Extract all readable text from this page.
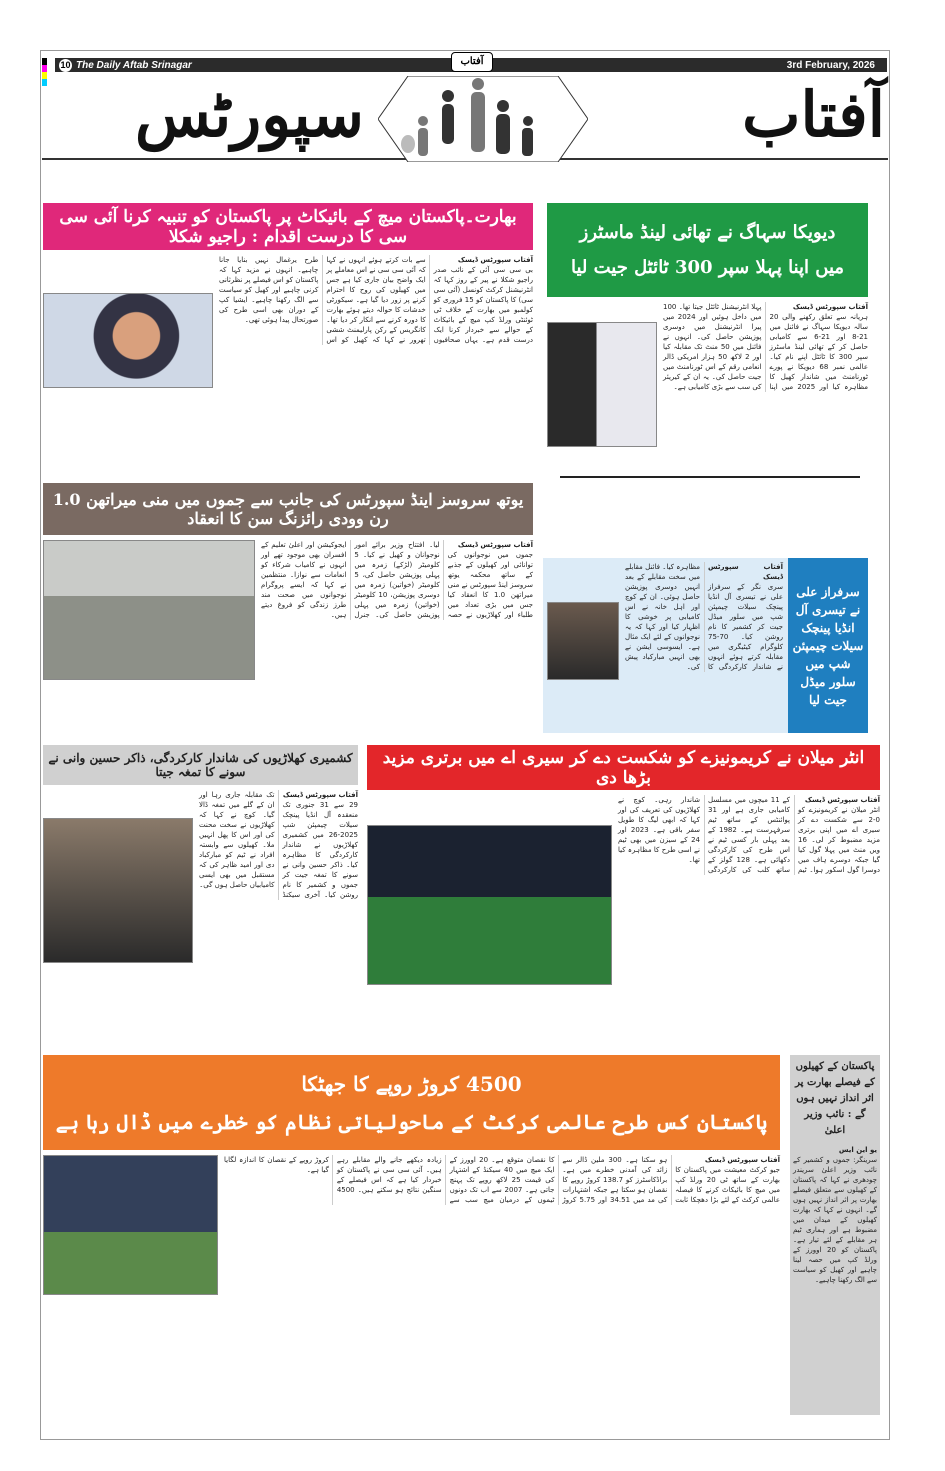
10 The Daily Aftab Srinagar	3rd February, 2026
آفتاب
آفتاب
سپورٹس
بھارت۔پاکستان میچ کے بائیکاٹ پر پاکستان کو تنبیہ کرنا آئی سی سی کا درست اقدام : راجیو شکلا
آفتاب سپورٹس ڈیسک
بی سی سی آئی کے نائب صدر راجیو شکلا نے پیر کے روز کہا کہ انٹرنیشنل کرکٹ کونسل (آئی سی سی) کا پاکستان کو 15 فروری کو کولمبو میں بھارت کے خلاف ٹی ٹوئنٹی ورلڈ کپ میچ کے بائیکاٹ کے حوالے سے خبردار کرنا ایک درست قدم ہے۔ یہاں صحافیوں سے بات کرتے ہوئے انہوں نے کہا کہ آئی سی سی نے اس معاملے پر ایک واضح بیان جاری کیا ہے جس میں کھیلوں کی روح کا احترام کرنے پر زور دیا گیا ہے۔ سیکورٹی خدشات کا حوالہ دیتے ہوئے بھارت کا دورہ کرنے سے انکار کر دیا تھا۔ کانگریس کے رکن پارلیمنٹ ششی تھرور نے کہا کہ کھیل کو اس طرح یرغمال نہیں بنایا جانا چاہیے۔ انہوں نے مزید کہا کہ پاکستان کو اس فیصلے پر نظرثانی کرنی چاہیے اور کھیل کو سیاست سے الگ رکھنا چاہیے۔ ایشیا کپ کے دوران بھی اسی طرح کی صورتحال پیدا ہوئی تھی۔
دیویکا سہاگ نے تھائی لینڈ ماسٹرز
میں اپنا پہلا سپر 300 ٹائٹل جیت لیا
آفتاب سپورٹس ڈیسک
ہریانہ سے تعلق رکھنے والی 20 سالہ دیویکا سہاگ نے فائنل میں 21-8 اور 21-6 سے کامیابی حاصل کر کے تھائی لینڈ ماسٹرز سپر 300 کا ٹائٹل اپنے نام کیا۔ عالمی نمبر 68 دیویکا نے پورے ٹورنامنٹ میں شاندار کھیل کا مظاہرہ کیا اور 2025 میں اپنا پہلا انٹرنیشنل ٹائٹل جیتا تھا۔ 100 میں داخل ہوئیں اور 2024 میں پیرا انٹرنیشنل میں دوسری پوزیشن حاصل کی۔ انہوں نے فائنل میں 50 منٹ تک مقابلہ کیا اور 2 لاکھ 50 ہزار امریکی ڈالر انعامی رقم کے اس ٹورنامنٹ میں جیت حاصل کی۔ یہ ان کے کیریئر کی سب سے بڑی کامیابی ہے۔
یوتھ سروسز اینڈ سپورٹس کی جانب سے جموں میں منی میراتھن 1.0 رن وودی رائزنگ سن کا انعقاد
آفتاب سپورٹس ڈیسک
جموں میں نوجوانوں کی توانائی اور کھیلوں کے جذبے کے ساتھ محکمہ یوتھ سروسز اینڈ سپورٹس نے منی میراتھن 1.0 کا انعقاد کیا جس میں بڑی تعداد میں طلباء اور کھلاڑیوں نے حصہ لیا۔ افتتاح وزیر برائے امور نوجوانان و کھیل نے کیا۔ 5 کلومیٹر (لڑکے) زمرہ میں پہلی پوزیشن حاصل کی، 5 کلومیٹر (خواتین) زمرہ میں دوسری پوزیشن، 10 کلومیٹر (خواتین) زمرہ میں پہلی پوزیشن حاصل کی۔ جنرل ایجوکیشن اور اعلیٰ تعلیم کے افسران بھی موجود تھے اور انہوں نے کامیاب شرکاء کو انعامات سے نوازا۔ منتظمین نے کہا کہ ایسے پروگرام نوجوانوں میں صحت مند طرز زندگی کو فروغ دیتے ہیں۔
سرفراز علی نے تیسری آل انڈیا پینچک سیلات چیمپئن شپ میں سلور میڈل جیت لیا
آفتاب سپورٹس ڈیسک
سری نگر کے سرفراز علی نے تیسری آل انڈیا پینچک سیلات چیمپئن شپ میں سلور میڈل جیت کر کشمیر کا نام روشن کیا۔ 70-75 کلوگرام کیٹیگری میں مقابلہ کرتے ہوئے انہوں نے شاندار کارکردگی کا مظاہرہ کیا۔ فائنل مقابلے میں سخت مقابلے کے بعد انہیں دوسری پوزیشن حاصل ہوئی۔ ان کے کوچ اور اہل خانہ نے اس کامیابی پر خوشی کا اظہار کیا اور کہا کہ یہ نوجوانوں کے لئے ایک مثال ہے۔ ایسوسی ایشن نے بھی انہیں مبارکباد پیش کی۔
کشمیری کھلاڑیوں کی شاندار کارکردگی، ذاکر حسین وانی نے سونے کا تمغہ جیتا
آفتاب سپورٹس ڈیسک
29 سے 31 جنوری تک منعقدہ آل انڈیا پینچک سیلات چیمپئن شپ 2025-26 میں کشمیری کھلاڑیوں نے شاندار کارکردگی کا مظاہرہ کیا۔ ذاکر حسین وانی نے سونے کا تمغہ جیت کر جموں و کشمیر کا نام روشن کیا۔ آخری سیکنڈ تک مقابلہ جاری رہا اور ان کے گلے میں تمغہ ڈالا گیا۔ کوچ نے کہا کہ کھلاڑیوں نے سخت محنت کی اور اس کا پھل انہیں ملا۔ کھیلوں سے وابستہ افراد نے ٹیم کو مبارکباد دی اور امید ظاہر کی کہ مستقبل میں بھی ایسی کامیابیاں حاصل ہوں گی۔
انٹر میلان نے کریمونیزے کو شکست دے کر سیری اے میں برتری مزید بڑھا دی
آفتاب سپورٹس ڈیسک
انٹر میلان نے کریمونیزے کو 0-2 سے شکست دے کر سیری اے میں اپنی برتری مزید مضبوط کر لی۔ 16 ویں منٹ میں پہلا گول کیا گیا جبکہ دوسرے ہاف میں دوسرا گول اسکور ہوا۔ ٹیم کے 11 میچوں میں مسلسل کامیابی جاری ہے اور 31 پوائنٹس کے ساتھ ٹیم سرفہرست ہے۔ 1982 کے بعد پہلی بار کسی ٹیم نے اس طرح کی کارکردگی دکھائی ہے۔ 128 گولز کے ساتھ کلب کی کارکردگی شاندار رہی۔ کوچ نے کھلاڑیوں کی تعریف کی اور کہا کہ ابھی لیگ کا طویل سفر باقی ہے۔ 2023 اور 24 کے سیزن میں بھی ٹیم نے اسی طرح کا مظاہرہ کیا تھا۔
4500 کروڑ روپے کا جھٹکا
پاکستان کس طرح عالمی کرکٹ کے ماحولیاتی نظام کو خطرے میں ڈال رہا ہے
آفتاب سپورٹس ڈیسک
جیو کرکٹ معیشت میں پاکستان کا بھارت کے ساتھ ٹی 20 ورلڈ کپ میں میچ کا بائیکاٹ کرنے کا فیصلہ عالمی کرکٹ کے لئے بڑا دھچکا ثابت ہو سکتا ہے۔ 300 ملین ڈالر سے زائد کی آمدنی خطرے میں ہے۔ براڈکاسٹرز کو 138.7 کروڑ روپے کا نقصان ہو سکتا ہے جبکہ اشتہارات کی مد میں 34.51 اور 5.75 کروڑ کا نقصان متوقع ہے۔ 20 اوورز کے ایک میچ میں 40 سیکنڈ کے اشتہار کی قیمت 25 لاکھ روپے تک پہنچ جاتی ہے۔ 2007 سے اب تک دونوں ٹیموں کے درمیان میچ سب سے زیادہ دیکھے جانے والے مقابلے رہے ہیں۔ آئی سی سی نے پاکستان کو خبردار کیا ہے کہ اس فیصلے کے سنگین نتائج ہو سکتے ہیں۔ 4500 کروڑ روپے کے نقصان کا اندازہ لگایا گیا ہے۔
پاکستان کے کھیلوں کے فیصلے بھارت پر اثر انداز نہیں ہوں گے : نائب وزیر اعلیٰ
یو این ایس
سرینگر: جموں و کشمیر کے نائب وزیر اعلیٰ سریندر چودھری نے کہا کہ پاکستان کے کھیلوں سے متعلق فیصلے بھارت پر اثر انداز نہیں ہوں گے۔ انہوں نے کہا کہ بھارت کھیلوں کے میدان میں مضبوط ہے اور ہماری ٹیم ہر مقابلے کے لئے تیار ہے۔ پاکستان کو 20 اوورز کے ورلڈ کپ میں حصہ لینا چاہیے اور کھیل کو سیاست سے الگ رکھنا چاہیے۔
